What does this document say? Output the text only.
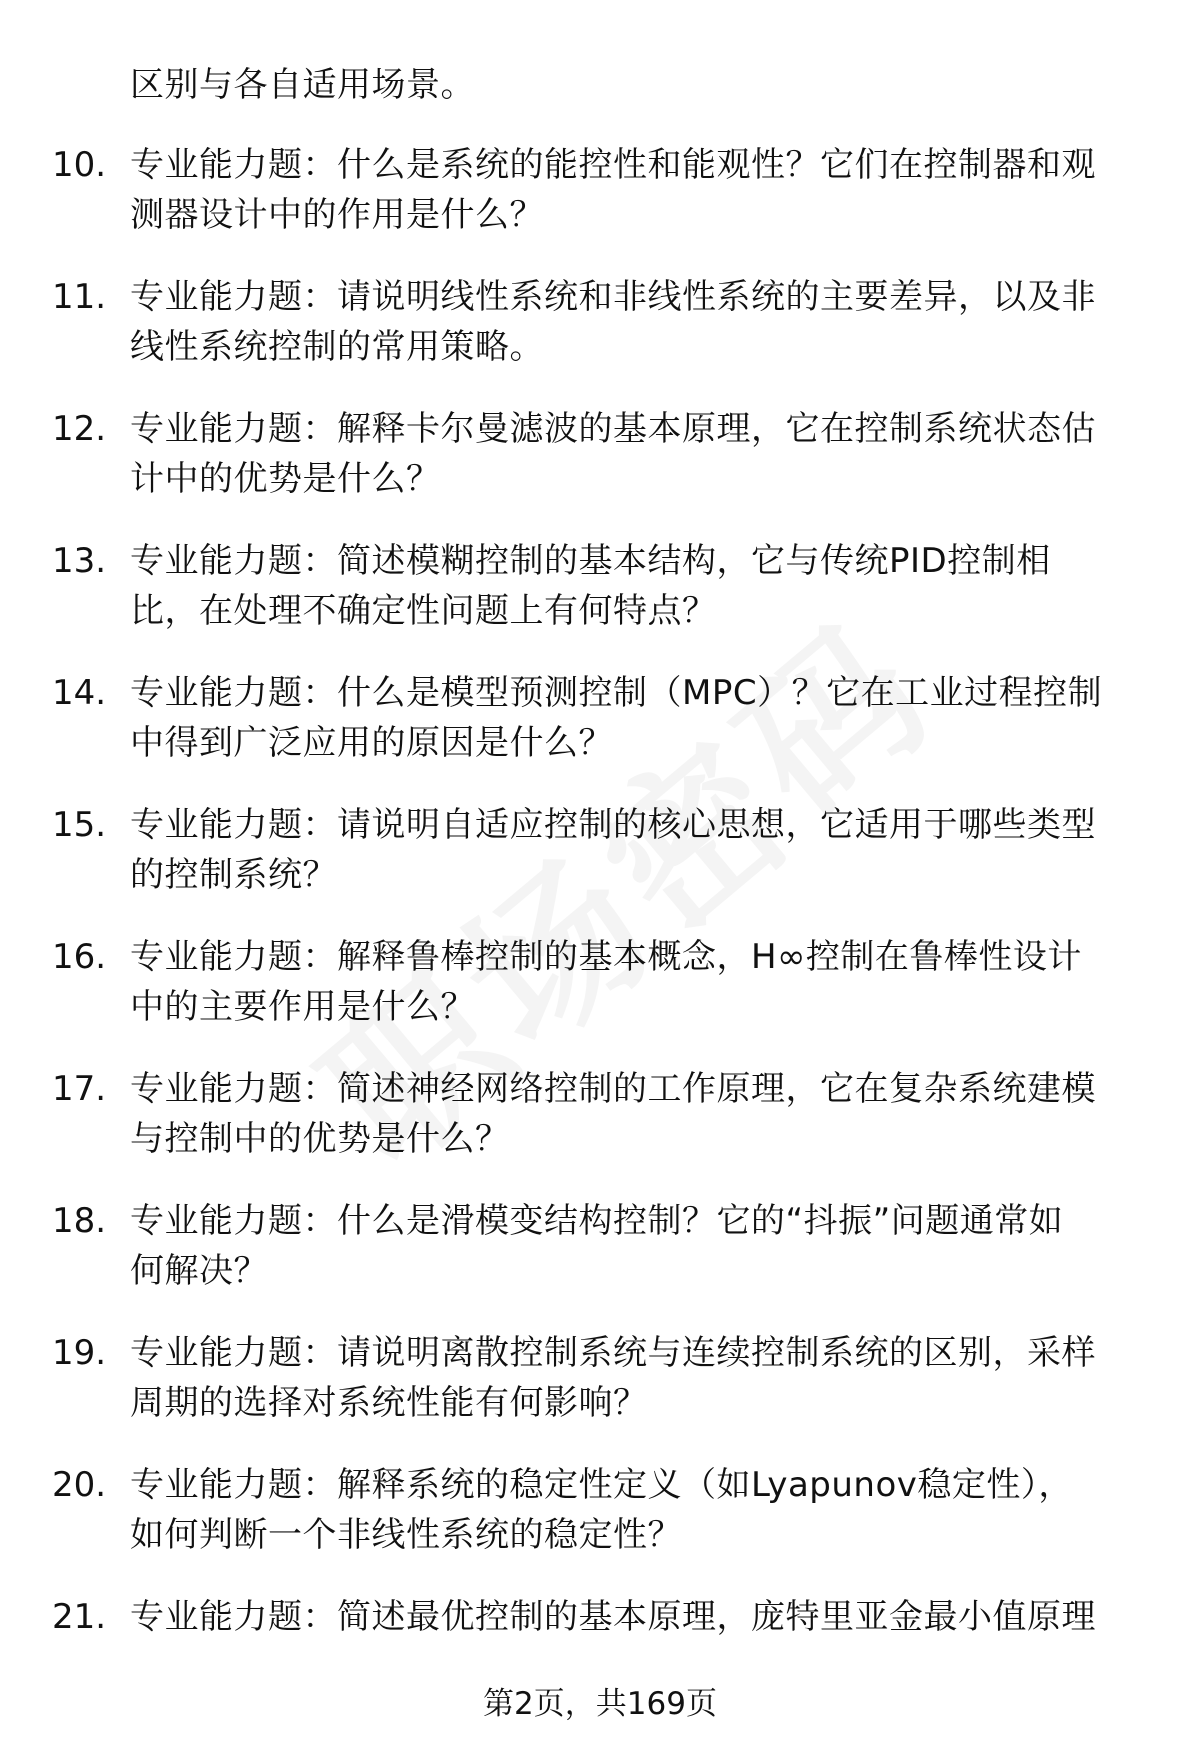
区别与各自适用场景。
10. 专业能力题：什么是系统的能控性和能观性？它们在控制器和观
测器设计中的作用是什么？
11. 专业能力题：请说明线性系统和非线性系统的主要差异，以及非
线性系统控制的常用策略。
12. 专业能力题：解释卡尔曼滤波的基本原理，它在控制系统状态估
计中的优势是什么？
13. 专业能力题：简述模糊控制的基本结构，它与传统PID控制相
比，在处理不确定性问题上有何特点？
14. 专业能力题：什么是模型预测控制（MPC）？它在工业过程控制
中得到广泛应用的原因是什么？
15. 专业能力题：请说明自适应控制的核心思想，它适用于哪些类型
的控制系统？
16. 专业能力题：解释鲁棒控制的基本概念，H∞控制在鲁棒性设计
中的主要作用是什么？
17. 专业能力题：简述神经网络控制的工作原理，它在复杂系统建模
与控制中的优势是什么？
18. 专业能力题：什么是滑模变结构控制？它的“抖振”问题通常如
何解决？
19. 专业能力题：请说明离散控制系统与连续控制系统的区别，采样
周期的选择对系统性能有何影响？
20. 专业能力题：解释系统的稳定性定义（如Lyapunov稳定性），
如何判断一个非线性系统的稳定性？
21. 专业能力题：简述最优控制的基本原理，庞特里亚金最小值原理
第2页，共169页
